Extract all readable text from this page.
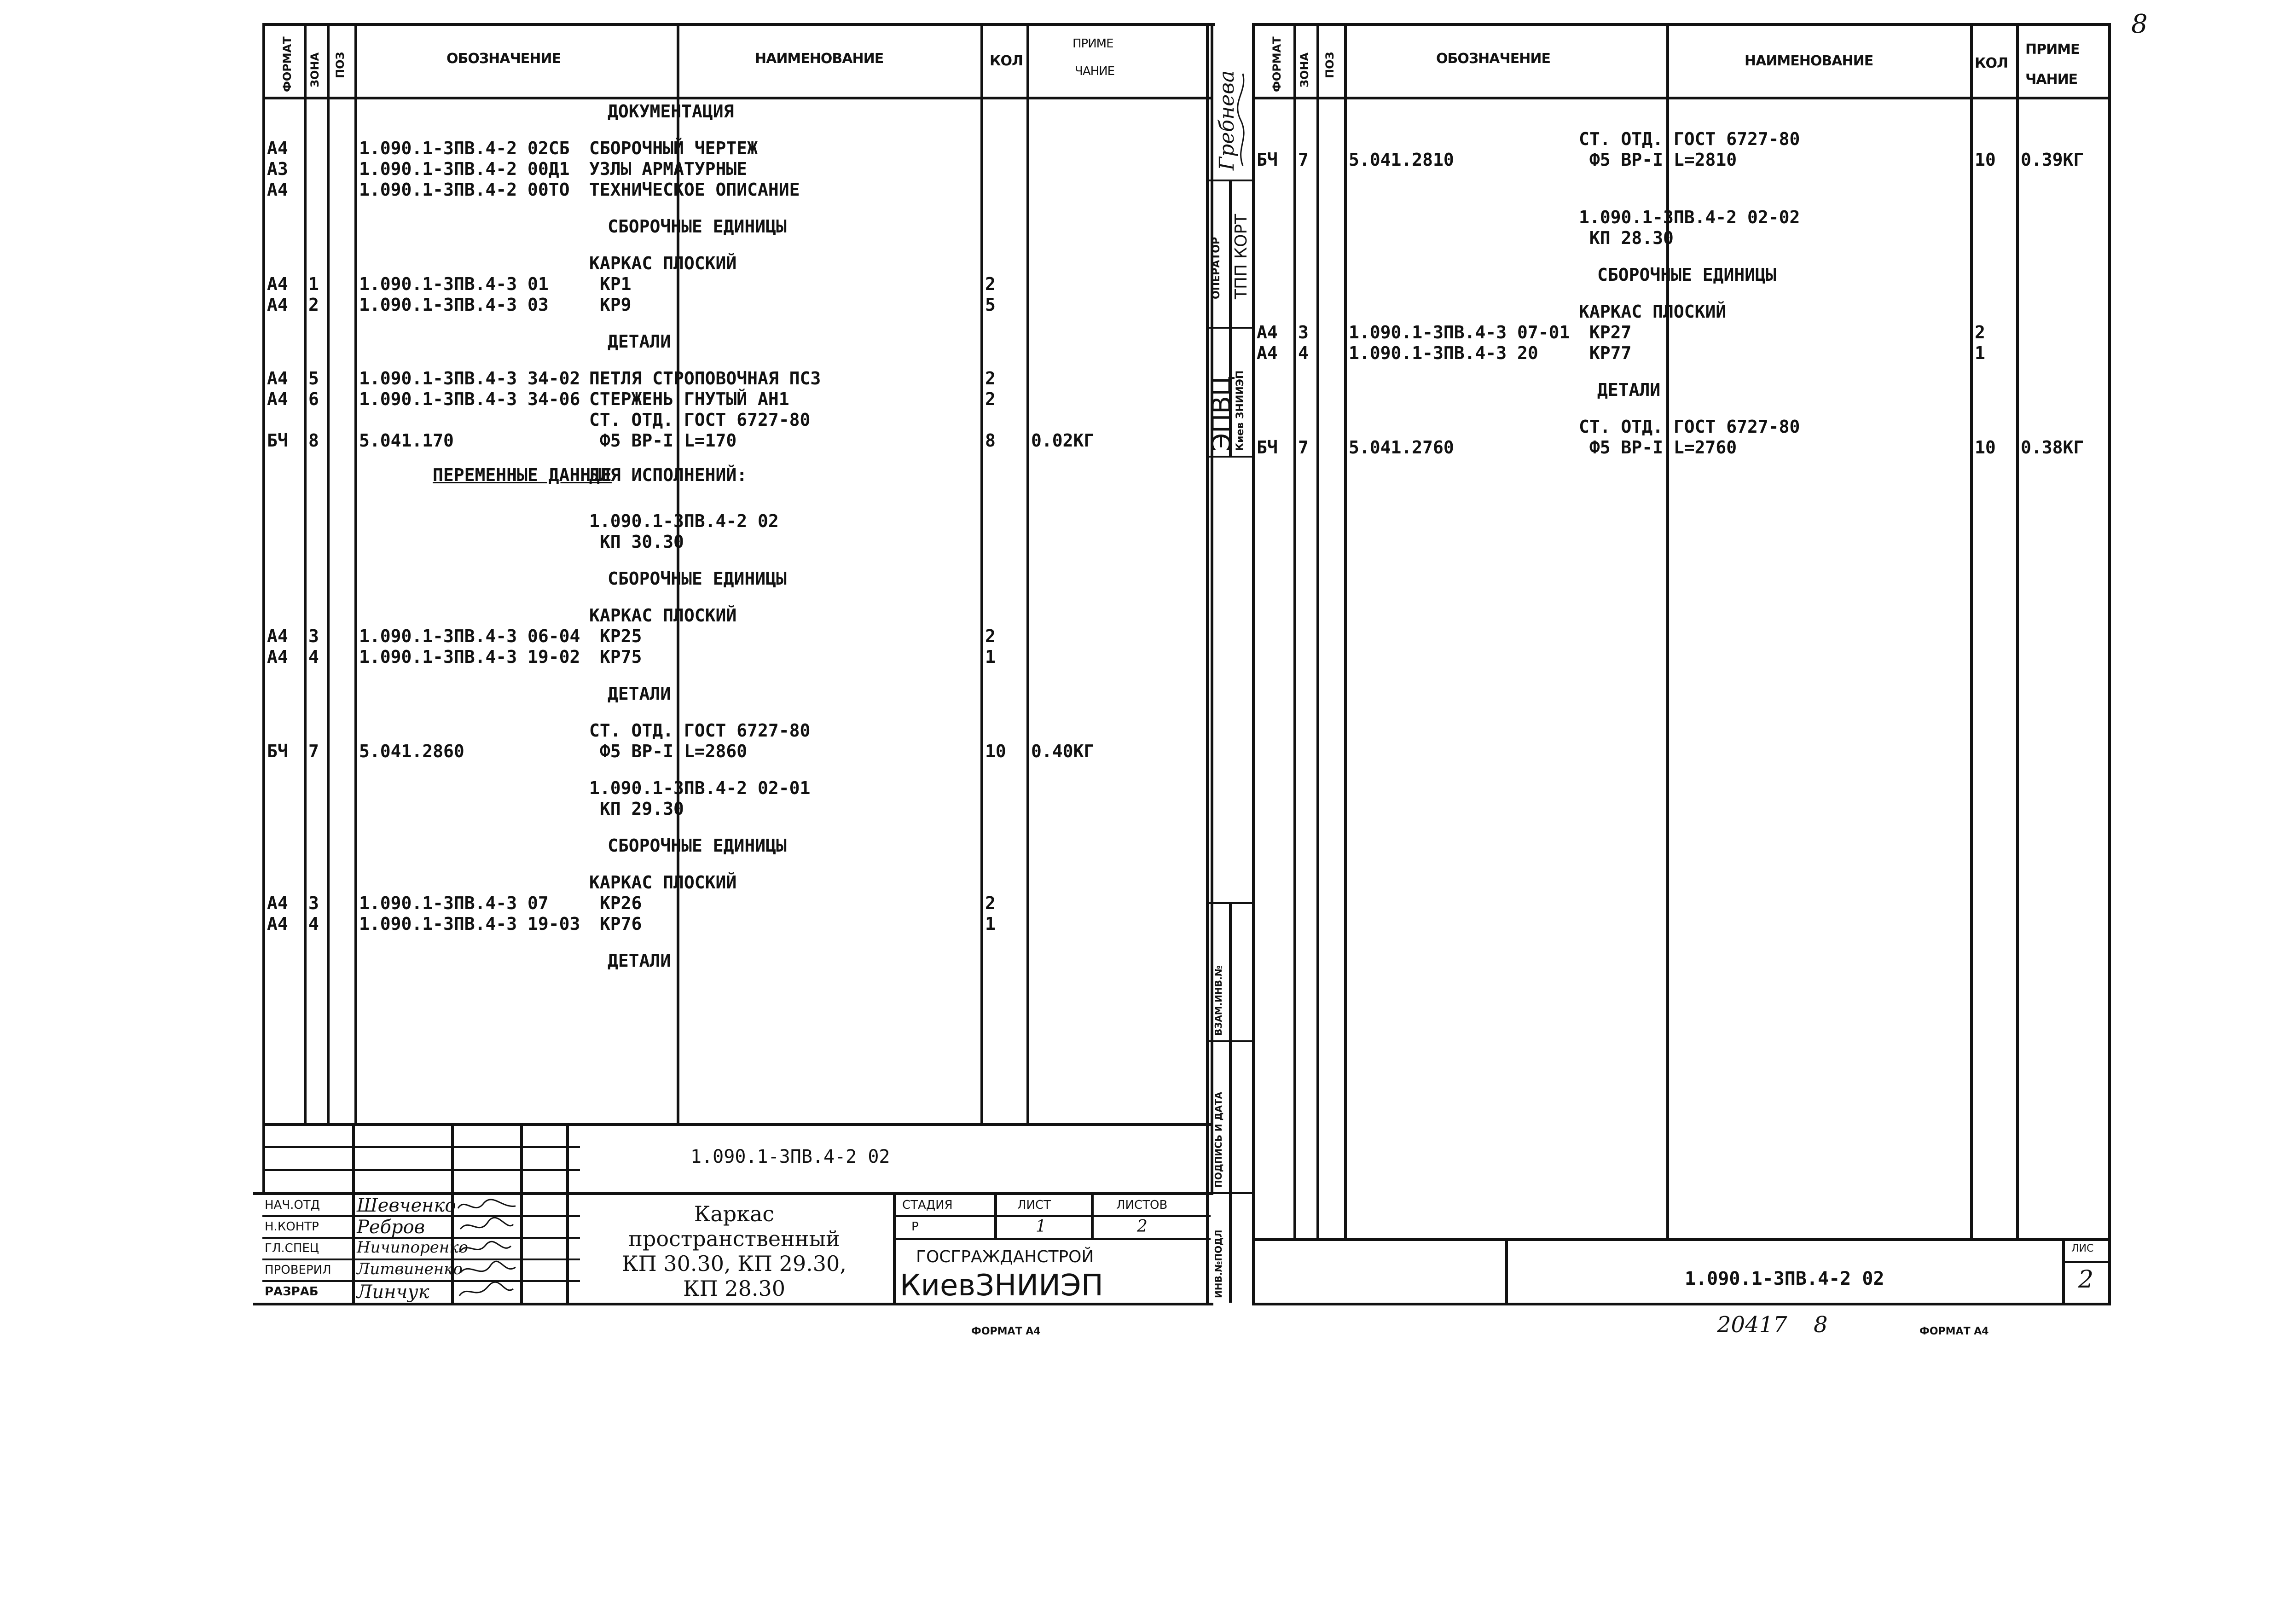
ФОРМАТ ЗОНА ПОЗ	ОБОЗНАЧЕНИЕ	НАИМЕНОВАНИЕ	КОЛ
ПРИМЕ
ЧАНИЕ
ДОКУМЕНТАЦИЯ
А4	1.090.1-3ПВ.4-2 02СБ СБОРОЧНЫЙ ЧЕРТЕЖ
А3	1.090.1-3ПВ.4-2 00Д1 УЗЛЫ АРМАТУРНЫЕ
А4	1.090.1-3ПВ.4-2 00ТО ТЕХНИЧЕСКОЕ ОПИСАНИЕ
СБОРОЧНЫЕ ЕДИНИЦЫ
КАРКАС ПЛОСКИЙ
А4 1 1.090.1-3ПВ.4-3 01 КР1	2
А4 2 1.090.1-3ПВ.4-3 03 КР9	5
ДЕТАЛИ
А4 5 1.090.1-3ПВ.4-3 34-02 ПЕТЛЯ СТРОПОВОЧНАЯ ПС3	2
А4 6 1.090.1-3ПВ.4-3 34-06 СТЕРЖЕНЬ ГНУТЫЙ АН1	2
СТ. ОТД. ГОСТ 6727-80
БЧ 8 5.041.170	Ф5 ВР-I L=170	8 0.02КГ
ПЕРЕМЕННЫЕ ДАННЫЕ
ДЛЯ ИСПОЛНЕНИЙ:
1.090.1-3ПВ.4-2 02
КП 30.30
СБОРОЧНЫЕ ЕДИНИЦЫ
КАРКАС ПЛОСКИЙ
А4 3 1.090.1-3ПВ.4-3 06-04 КР25	2
А4 4 1.090.1-3ПВ.4-3 19-02 КР75	1
ДЕТАЛИ
СТ. ОТД. ГОСТ 6727-80
БЧ 7 5.041.2860	Ф5 ВР-I L=2860	10 0.40КГ
1.090.1-3ПВ.4-2 02-01
КП 29.30
СБОРОЧНЫЕ ЕДИНИЦЫ
КАРКАС ПЛОСКИЙ
А4 3 1.090.1-3ПВ.4-3 07 КР26	2
А4 4 1.090.1-3ПВ.4-3 19-03 КР76	1
ДЕТАЛИ
1.090.1-3ПВ.4-2 02
НАЧ.ОТД
Н.КОНТР
ГЛ.СПЕЦ
ПРОВЕРИЛ
РАЗРАБ
Шевченко
Ребров
Ничипоренко
Литвиненко
Линчук
Каркас
пространственный
КП 30.30, КП 29.30,
КП 28.30
СТАДИЯ	ЛИСТ	ЛИСТОВ
Р	1	2
ГОСГРАЖДАНСТРОЙ
КиевЗНИИЭП
ФОРМАТ А4
ОПЕРАТОР ТПП КОРТ
ЭПВЦ
Киев ЗНИИЭП
Гребнева
ВЗАМ.ИНВ.№
ПОДПИСЬ И ДАТА
ИНВ.№ПОДЛ
ФОРМАТ ЗОНА ПОЗ	ОБОЗНАЧЕНИЕ	НАИМЕНОВАНИЕ	КОЛ
ПРИМЕ
ЧАНИЕ
СТ. ОТД. ГОСТ 6727-80
БЧ 7 5.041.2810	Ф5 ВР-I L=2810	10 0.39КГ
1.090.1-3ПВ.4-2 02-02
КП 28.30
СБОРОЧНЫЕ ЕДИНИЦЫ
КАРКАС ПЛОСКИЙ
А4 3 1.090.1-3ПВ.4-3 07-01 КР27	2
А4 4 1.090.1-3ПВ.4-3 20 КР77	1
ДЕТАЛИ
СТ. ОТД. ГОСТ 6727-80
БЧ 7 5.041.2760	Ф5 ВР-I L=2760	10 0.38КГ
1.090.1-3ПВ.4-2 02
ЛИС
2
20417 8	ФОРМАТ А4
8
